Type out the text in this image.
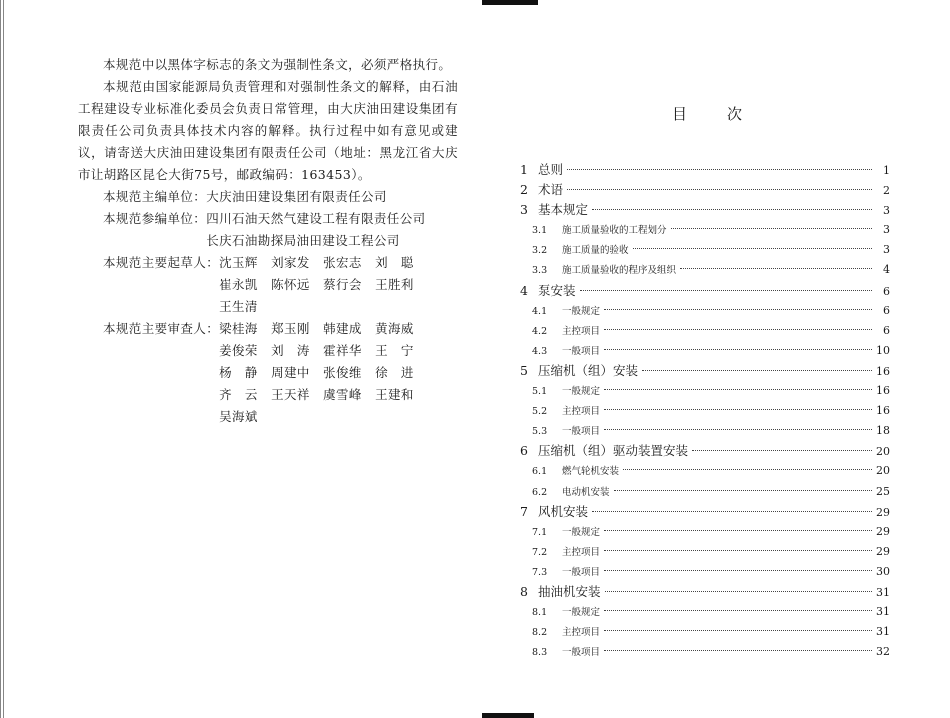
本规范中以黑体字标志的条文为强制性条文，必须严格执行。

本规范由国家能源局负责管理和对强制性条文的解释，由石油工程建设专业标准化委员会负责日常管理，由大庆油田建设集团有限责任公司负责具体技术内容的解释。执行过程中如有意见或建议，请寄送大庆油田建设集团有限责任公司（地址：黑龙江省大庆市让胡路区昆仑大街75号，邮政编码：163453）。

本规范主编单位： 大庆油田建设集团有限责任公司
本规范参编单位： 四川石油天然气建设工程有限责任公司
长庆石油勘探局油田建设工程公司
本规范主要起草人： 沈玉辉	刘家发	张宏志	刘　聪
崔永凯	陈怀远	蔡行会	王胜利
王生清
本规范主要审查人： 梁桂海	郑玉刚	韩建成	黄海威
姜俊荣	刘　涛	霍祥华	王　宁
杨　静	周建中	张俊维	徐　进
齐　云	王天祥	虞雪峰	王建和
吴海斌
目次
1 总则	1
2 术语	2
3 基本规定	3
3.1	施工质量验收的工程划分	3
3.2	施工质量的验收	3
3.3	施工质量验收的程序及组织	4
4 泵安装	6
4.1	一般规定	6
4.2	主控项目	6
4.3	一般项目	10
5 压缩机（组）安装	16
5.1	一般规定	16
5.2	主控项目	16
5.3	一般项目	18
6 压缩机（组）驱动装置安装	20
6.1	燃气轮机安装	20
6.2	电动机安装	25
7 风机安装	29
7.1	一般规定	29
7.2	主控项目	29
7.3	一般项目	30
8 抽油机安装	31
8.1	一般规定	31
8.2	主控项目	31
8.3	一般项目	32
